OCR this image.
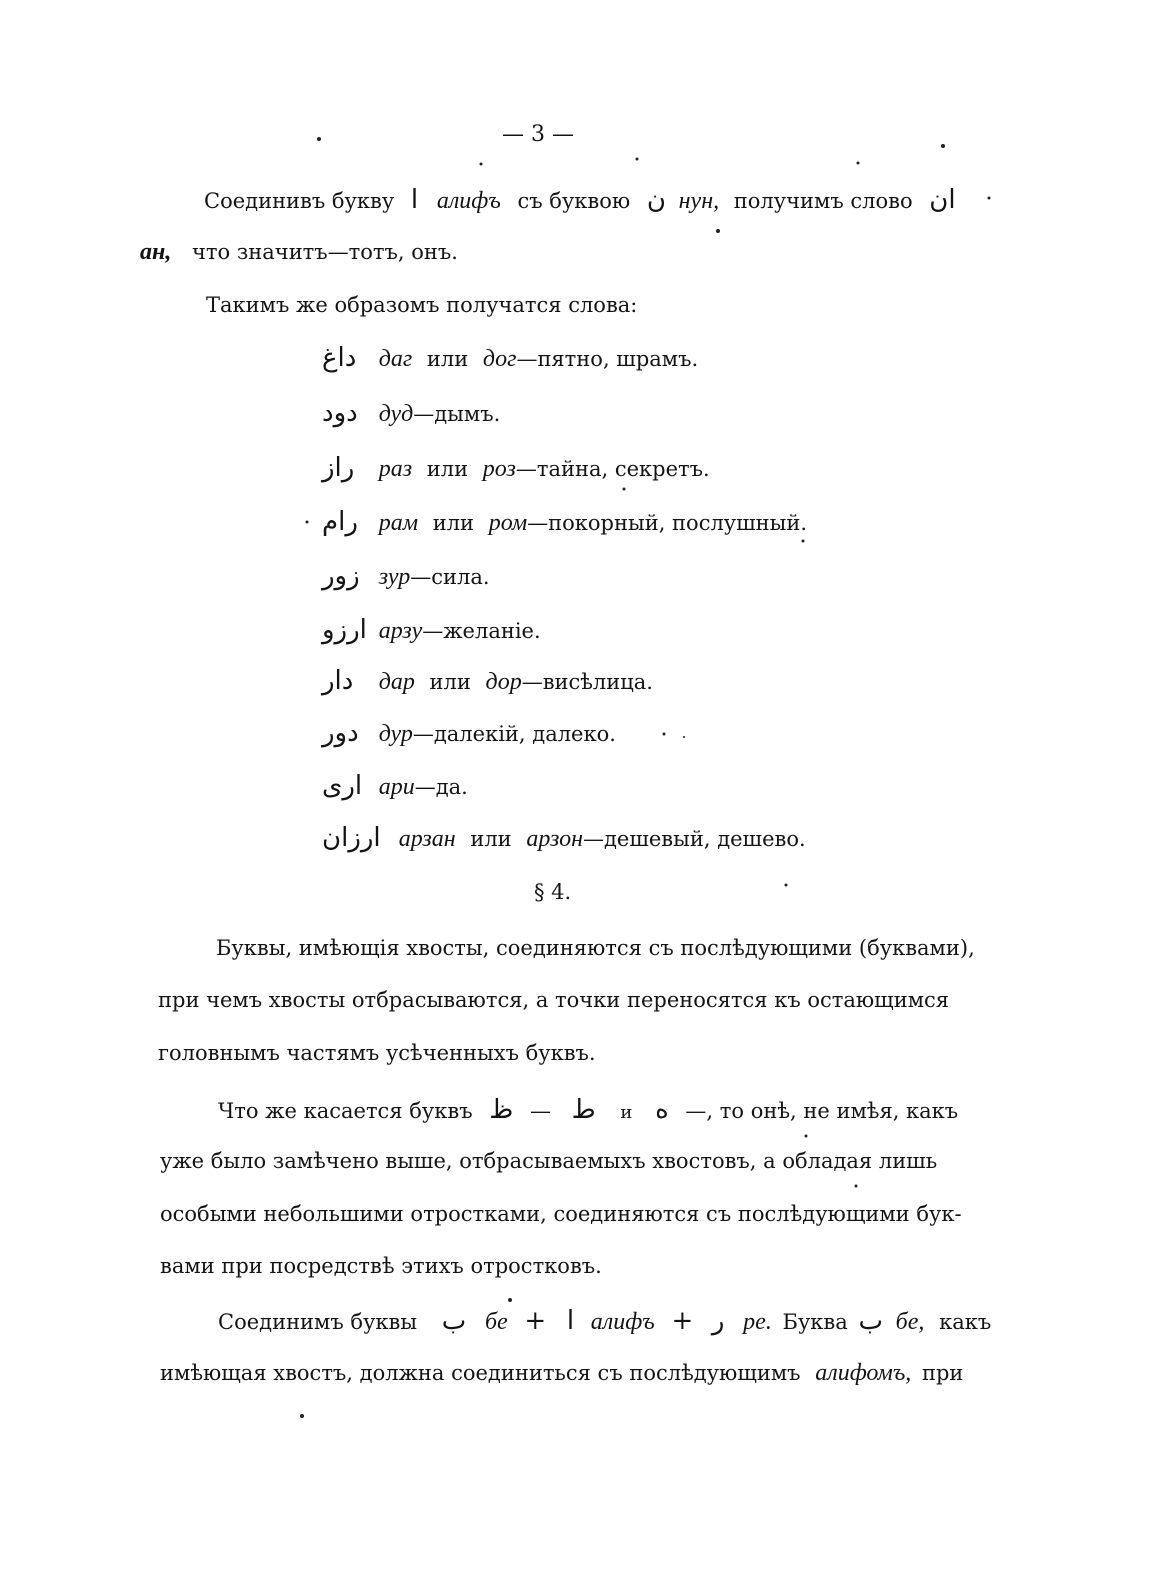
— 3 —
Соединивъ букву ا алифъ съ буквою ن нун, получимъ слово ان
ан, что значитъ—тотъ, онъ.
Такимъ же образомъ получатся слова:
داغ даг или дог—пятно, шрамъ.
دود дуд—дымъ.
راز раз или роз—тайна, секретъ.
رام рам или ром—покорный, послушный.
زور зур—сила.
ارزو арзу—желаніе.
دار дар или дор—висѣлица.
دور дур—далекій, далеко.
ارى ари—да.
ارزان арзан или арзон—дешевый, дешево.
§ 4.
Буквы, имѣющія хвосты, соединяются съ послѣдующими (буквами),
при чемъ хвосты отбрасываются, а точки переносятся къ остающимся
головнымъ частямъ усѣченныхъ буквъ.
Что же касается буквъ	ط — ظ	и ه —, то онѣ, не имѣя, какъ
уже было замѣчено выше, отбрасываемыхъ хвостовъ, а обладая лишь
особыми небольшими отростками, соединяются съ послѣдующими бук-
вами при посредствѣ этихъ отростковъ.
Соединимъ буквы ب бе + ا алифъ + ر ре. Буква ب бе, какъ
имѣющая хвостъ, должна соединиться съ послѣдующимъ алифомъ, при
